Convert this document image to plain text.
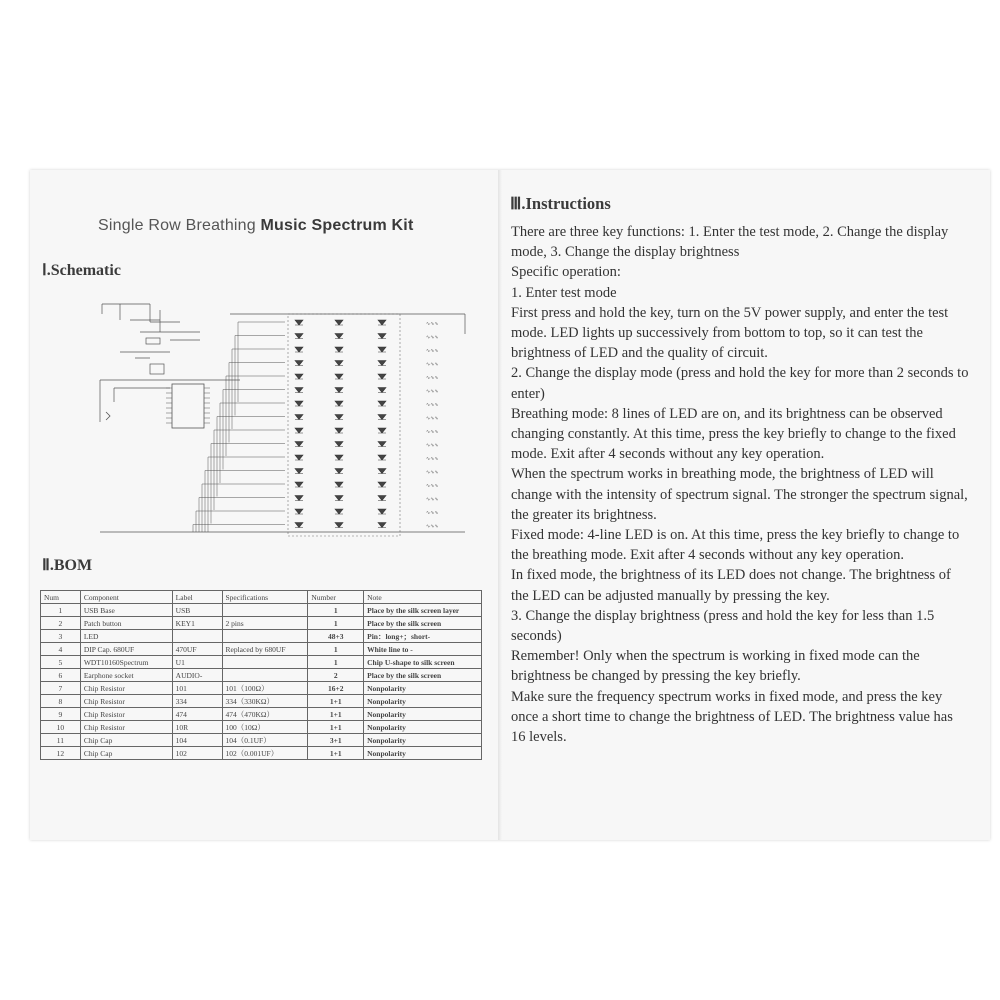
Single Row Breathing Music Spectrum Kit
Ⅰ.Schematic
∿∿∿
∿∿∿
∿∿∿
∿∿∿
∿∿∿
∿∿∿
∿∿∿
∿∿∿
∿∿∿
∿∿∿
∿∿∿
∿∿∿
∿∿∿
∿∿∿
∿∿∿
∿∿∿
Ⅱ.BOM
Num	Component	Label	Specifications	Number	Note
1	USB Base	USB		1	Place by the silk screen layer
2	Patch button	KEY1	2 pins	1	Place by the silk screen
3	LED			48+3	Pin：long+；short-
4	DIP Cap. 680UF	470UF	Replaced by 680UF	1	White line to -
5	WDT10160Spectrum	U1		1	Chip U-shape to silk screen
6	Earphone socket	AUDIO-		2	Place by the silk screen
7	Chip Resistor	101	101（100Ω）	16+2	Nonpolarity
8	Chip Resistor	334	334（330KΩ）	1+1	Nonpolarity
9	Chip Resistor	474	474（470KΩ）	1+1	Nonpolarity
10	Chip Resistor	10R	100（10Ω）	1+1	Nonpolarity
11	Chip Cap	104	104（0.1UF）	3+1	Nonpolarity
12	Chip Cap	102	102（0.001UF）	1+1	Nonpolarity
Ⅲ.Instructions

There are three key functions: 1. Enter the test mode, 2. Change the display mode, 3. Change the display brightness

Specific operation:

1. Enter test mode

First press and hold the key, turn on the 5V power supply, and enter the test mode. LED lights up successively from bottom to top, so it can test the brightness of LED and the quality of circuit.

2. Change the display mode (press and hold the key for more than 2 seconds to enter)

Breathing mode: 8 lines of LED are on, and its brightness can be observed changing constantly. At this time, press the key briefly to change to the fixed mode. Exit after 4 seconds without any key operation.

When the spectrum works in breathing mode, the brightness of LED will change with the intensity of spectrum signal. The stronger the spectrum signal, the greater its brightness.

Fixed mode: 4-line LED is on. At this time, press the key briefly to change to the breathing mode. Exit after 4 seconds without any key operation.

In fixed mode, the brightness of its LED does not change. The brightness of the LED can be adjusted manually by pressing the key.

3. Change the display brightness (press and hold the key for less than 1.5 seconds)

Remember! Only when the spectrum is working in fixed mode can the brightness be changed by pressing the key briefly.

Make sure the frequency spectrum works in fixed mode, and press the key once a short time to change the brightness of LED. The brightness value has 16 levels.
